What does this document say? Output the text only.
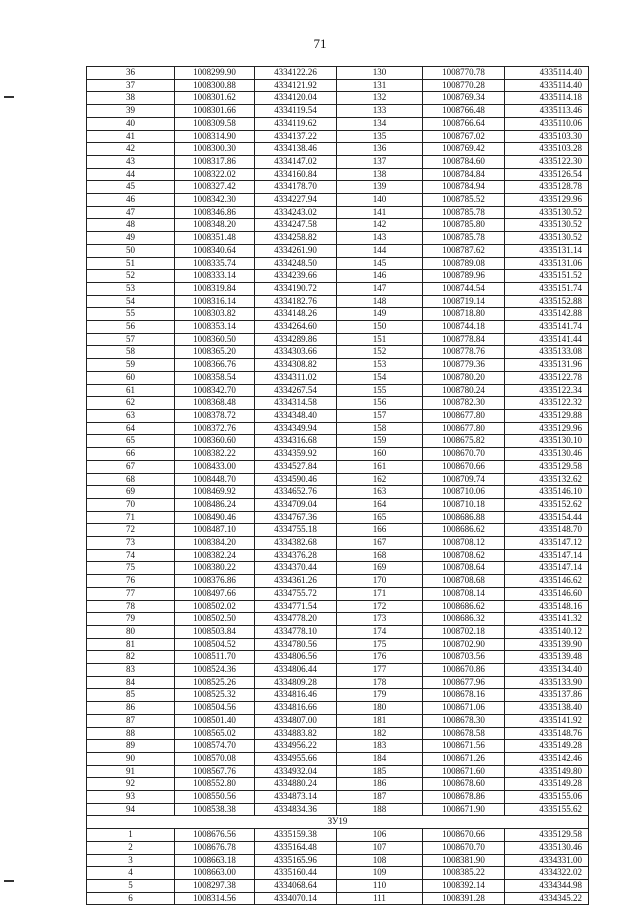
71
36	1008299.90	4334122.26	130	1008770.78	4335114.40
37	1008300.88	4334121.92	131	1008770.28	4335114.40
38	1008301.62	4334120.04	132	1008769.34	4335114.18
39	1008301.66	4334119.54	133	1008766.48	4335113.46
40	1008309.58	4334119.62	134	1008766.64	4335110.06
41	1008314.90	4334137.22	135	1008767.02	4335103.30
42	1008300.30	4334138.46	136	1008769.42	4335103.28
43	1008317.86	4334147.02	137	1008784.60	4335122.30
44	1008322.02	4334160.84	138	1008784.84	4335126.54
45	1008327.42	4334178.70	139	1008784.94	4335128.78
46	1008342.30	4334227.94	140	1008785.52	4335129.96
47	1008346.86	4334243.02	141	1008785.78	4335130.52
48	1008348.20	4334247.58	142	1008785.80	4335130.52
49	1008351.48	4334258.82	143	1008785.78	4335130.52
50	1008340.64	4334261.90	144	1008787.62	4335131.14
51	1008335.74	4334248.50	145	1008789.08	4335131.06
52	1008333.14	4334239.66	146	1008789.96	4335151.52
53	1008319.84	4334190.72	147	1008744.54	4335151.74
54	1008316.14	4334182.76	148	1008719.14	4335152.88
55	1008303.82	4334148.26	149	1008718.80	4335142.88
56	1008353.14	4334264.60	150	1008744.18	4335141.74
57	1008360.50	4334289.86	151	1008778.84	4335141.44
58	1008365.20	4334303.66	152	1008778.76	4335133.08
59	1008366.76	4334308.82	153	1008779.36	4335131.96
60	1008358.54	4334311.02	154	1008780.20	4335122.78
61	1008342.70	4334267.54	155	1008780.24	4335122.34
62	1008368.48	4334314.58	156	1008782.30	4335122.32
63	1008378.72	4334348.40	157	1008677.80	4335129.88
64	1008372.76	4334349.94	158	1008677.80	4335129.96
65	1008360.60	4334316.68	159	1008675.82	4335130.10
66	1008382.22	4334359.92	160	1008670.70	4335130.46
67	1008433.00	4334527.84	161	1008670.66	4335129.58
68	1008448.70	4334590.46	162	1008709.74	4335132.62
69	1008469.92	4334652.76	163	1008710.06	4335146.10
70	1008486.24	4334709.04	164	1008710.18	4335152.62
71	1008490.46	4334767.36	165	1008686.88	4335154.44
72	1008487.10	4334755.18	166	1008686.62	4335148.70
73	1008384.20	4334382.68	167	1008708.12	4335147.12
74	1008382.24	4334376.28	168	1008708.62	4335147.14
75	1008380.22	4334370.44	169	1008708.64	4335147.14
76	1008376.86	4334361.26	170	1008708.68	4335146.62
77	1008497.66	4334755.72	171	1008708.14	4335146.60
78	1008502.02	4334771.54	172	1008686.62	4335148.16
79	1008502.50	4334778.20	173	1008686.32	4335141.32
80	1008503.84	4334778.10	174	1008702.18	4335140.12
81	1008504.52	4334780.56	175	1008702.90	4335139.90
82	1008511.70	4334806.56	176	1008703.56	4335139.48
83	1008524.36	4334806.44	177	1008670.86	4335134.40
84	1008525.26	4334809.28	178	1008677.96	4335133.90
85	1008525.32	4334816.46	179	1008678.16	4335137.86
86	1008504.56	4334816.66	180	1008671.06	4335138.40
87	1008501.40	4334807.00	181	1008678.30	4335141.92
88	1008565.02	4334883.82	182	1008678.58	4335148.76
89	1008574.70	4334956.22	183	1008671.56	4335149.28
90	1008570.08	4334955.66	184	1008671.26	4335142.46
91	1008567.76	4334932.04	185	1008671.60	4335149.80
92	1008552.80	4334880.24	186	1008678.60	4335149.28
93	1008550.56	4334873.14	187	1008678.86	4335155.06
94	1008538.38	4334834.36	188	1008671.90	4335155.62
ЗУ19					
1	1008676.56	4335159.38	106	1008670.66	4335129.58
2	1008676.78	4335164.48	107	1008670.70	4335130.46
3	1008663.18	4335165.96	108	1008381.90	4334331.00
4	1008663.00	4335160.44	109	1008385.22	4334322.02
5	1008297.38	4334068.64	110	1008392.14	4334344.98
6	1008314.56	4334070.14	111	1008391.28	4334345.22
